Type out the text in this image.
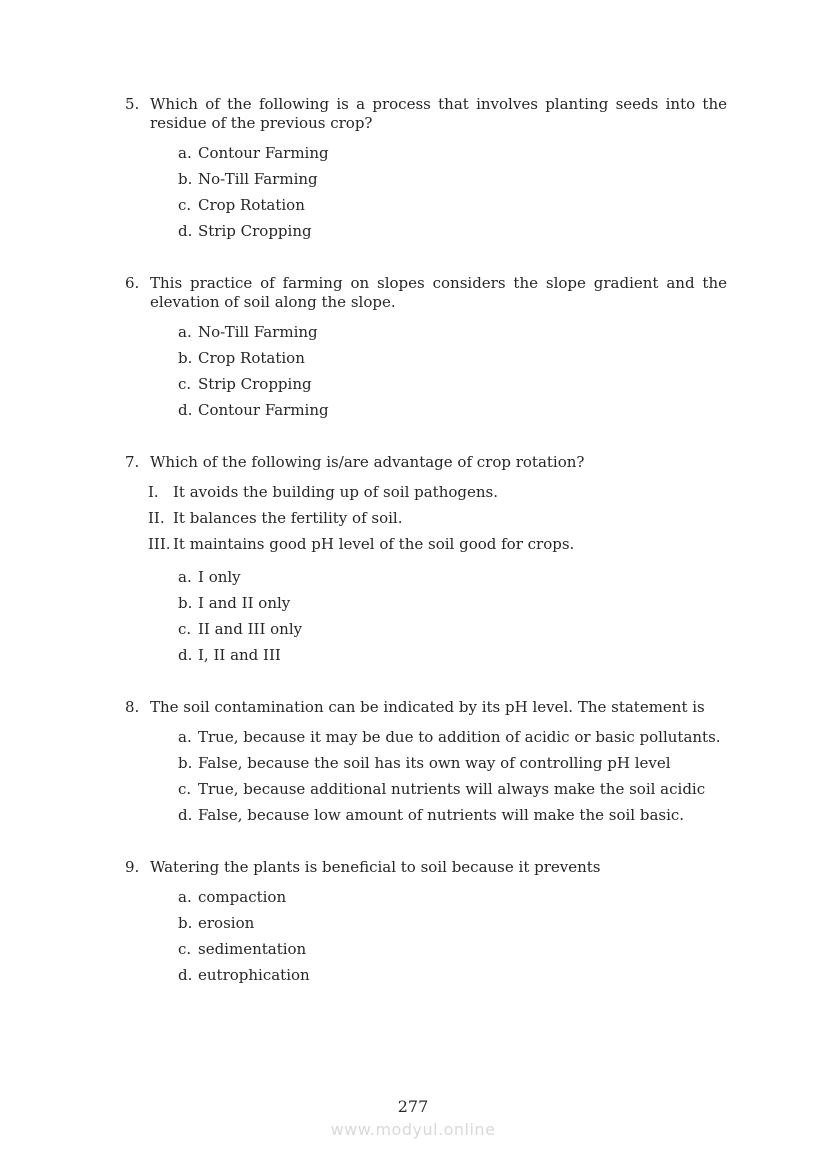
5. Which of the following is a process that involves planting seeds into the residue of the previous crop?
a. Contour Farming
b. No-Till Farming
c. Crop Rotation
d. Strip Cropping
6. This practice of farming on slopes considers the slope gradient and the elevation of soil along the slope.
a. No-Till Farming
b. Crop Rotation
c. Strip Cropping
d. Contour Farming
7. Which of the following is/are advantage of crop rotation?
I. It avoids the building up of soil pathogens.
II. It balances the fertility of soil.
III. It maintains good pH level of the soil good for crops.
a. I only
b. I and II only
c. II and III only
d. I, II and III
8. The soil contamination can be indicated by its pH level. The statement is
a. True, because it may be due to addition of acidic or basic pollutants.
b. False, because the soil has its own way of controlling pH level
c. True, because additional nutrients will always make the soil acidic
d. False, because low amount of nutrients will make the soil basic.
9. Watering the plants is beneficial to soil because it prevents
a. compaction
b. erosion
c. sedimentation
d. eutrophication
277
www.modyul.online
